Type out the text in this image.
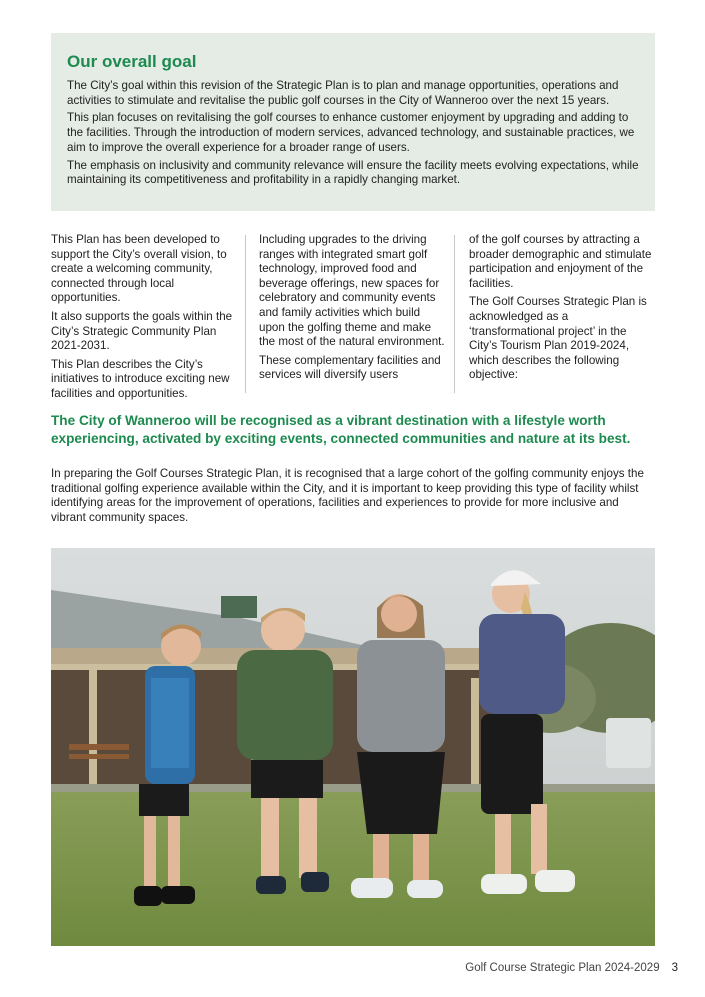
Our overall goal

The City’s goal within this revision of the Strategic Plan is to plan and manage opportunities, operations and activities to stimulate and revitalise the public golf courses in the City of Wanneroo over the next 15 years.

This plan focuses on revitalising the golf courses to enhance customer enjoyment by upgrading and adding to the facilities. Through the introduction of modern services, advanced technology, and sustainable practices, we aim to improve the overall experience for a broader range of users.

The emphasis on inclusivity and community relevance will ensure the facility meets evolving expectations, while maintaining its competitiveness and profitability in a rapidly changing market.

This Plan has been developed to support the City’s overall vision, to create a welcoming community, connected through local opportunities.

It also supports the goals within the City’s Strategic Community Plan 2021-2031.

This Plan describes the City’s initiatives to introduce exciting new facilities and opportunities.

Including upgrades to the driving ranges with integrated smart golf technology, improved food and beverage offerings, new spaces for celebratory and community events and family activities which build upon the golfing theme and make the most of the natural environment.

These complementary facilities and services will diversify users

of the golf courses by attracting a broader demographic and stimulate participation and enjoyment of the facilities.

The Golf Courses Strategic Plan is acknowledged as a ‘transformational project’ in the City’s Tourism Plan 2019-2024, which describes the following objective:

The City of Wanneroo will be recognised as a vibrant destination with a lifestyle worth experiencing, activated by exciting events, connected communities and nature at its best.

In preparing the Golf Courses Strategic Plan, it is recognised that a large cohort of the golfing community enjoys the traditional golfing experience available within the City, and it is important to keep providing this type of facility whilst identifying areas for the improvement of operations, facilities and experiences to provide for more inclusive and vibrant community spaces.

Golf Course Strategic Plan 2024-2029 3
